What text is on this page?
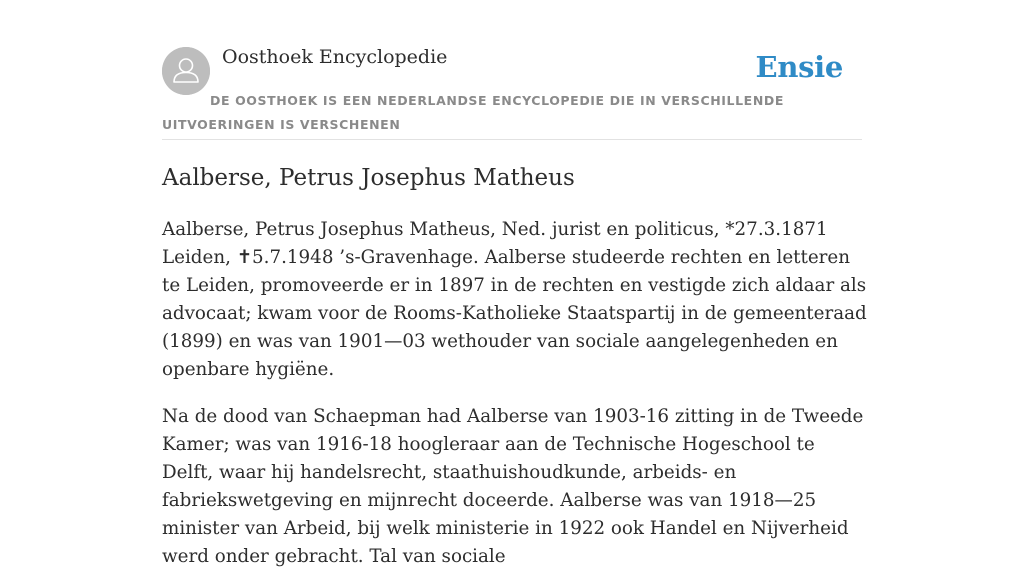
Oosthoek Encyclopedie	Ensie
DE OOSTHOEK IS EEN NEDERLANDSE ENCYCLOPEDIE DIE IN VERSCHILLENDE UITVOERINGEN IS VERSCHENEN
Aalberse, Petrus Josephus Matheus

Aalberse, Petrus Josephus Matheus, Ned. jurist en politicus, *27.3.1871 Leiden, ✝5.7.1948 ’s-Gravenhage. Aalberse studeerde rechten en letteren te Leiden, promoveerde er in 1897 in de rechten en vestigde zich aldaar als advocaat; kwam voor de Rooms-Katholieke Staatspartij in de gemeenteraad (1899) en was van 1901—03 wethouder van sociale aangelegenheden en openbare hygiëne.

Na de dood van Schaepman had Aalberse van 1903-16 zitting in de Tweede Kamer; was van 1916-18 hoogleraar aan de Technische Hogeschool te Delft, waar hij handelsrecht, staathuishoudkunde, arbeids- en fabriekswetgeving en mijnrecht doceerde. Aalberse was van 1918—25 minister van Arbeid, bij welk ministerie in 1922 ook Handel en Nijverheid werd onder gebracht. Tal van sociale
